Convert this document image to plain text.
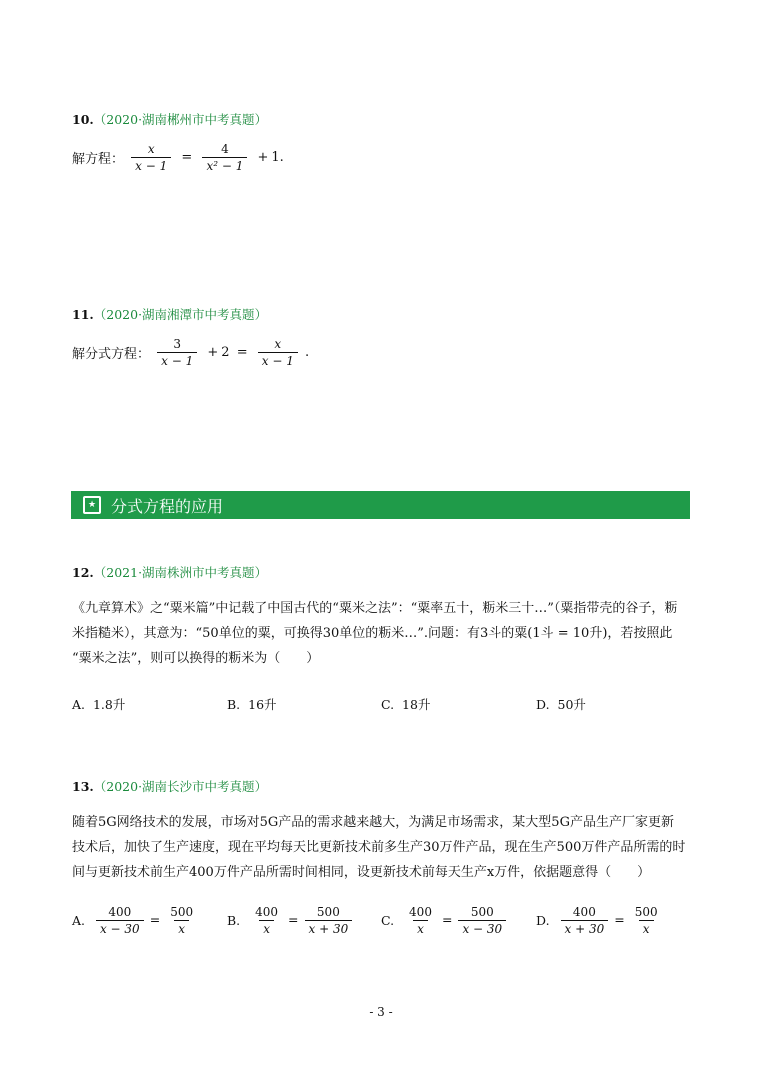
10.（2020·湖南郴州市中考真题）
解方程： $\frac{x}{x - 1} = \frac{4}{\text{x² − 1}} + 1$.
11.（2020·湖南湘潭市中考真题）
解分式方程： $\frac{3}{x - 1} + 2 = \frac{x}{x - 1}$ .
★ 分式方程的应用
12.（2021·湖南株洲市中考真题）
《九章算术》之“粟米篇”中记载了中国古代的“粟米之法”：“粟率五十，粝米三十…”（粟指带壳的谷子，粝
米指糙米），其意为：“50单位的粟，可换得30单位的粝米…”.问题：有3斗的粟(1斗 = 10升)，若按照此
“粟米之法”，则可以换得的粝米为（　　）
A. 1.8升	B. 16升	C. 18升	D. 50升
13.（2020·湖南长沙市中考真题）
随着5G网络技术的发展，市场对5G产品的需求越来越大，为满足市场需求，某大型5G产品生产厂家更新
技术后，加快了生产速度，现在平均每天比更新技术前多生产30万件产品，现在生产500万件产品所需的时
间与更新技术前生产400万件产品所需时间相同，设更新技术前每天生产x万件，依据题意得（　　）
A. $\frac{400}{x - 30} = \frac{500}{x} B$. $\frac{400}{x} = \frac{500}{x + 30} C$. $\frac{400}{x} = \frac{500}{x - 30} D$. $\frac{400}{x + 30} = \frac{500}{x}$
- 3 -
